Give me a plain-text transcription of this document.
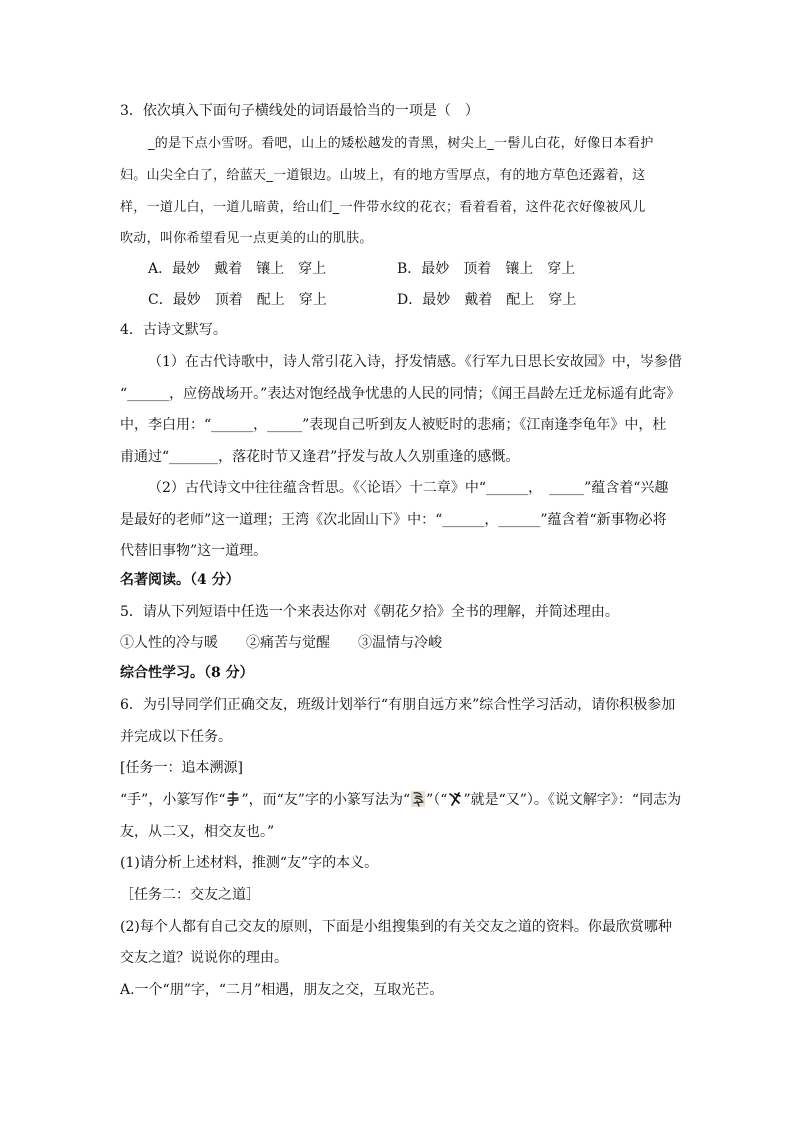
3．依次填入下面句子横线处的词语最恰当的一项是（　）
_的是下点小雪呀。看吧，山上的矮松越发的青黑，树尖上_一髻儿白花，好像日本看护
妇。山尖全白了，给蓝天_一道银边。山坡上，有的地方雪厚点，有的地方草色还露着，这
样，一道儿白，一道儿暗黄，给山们_一件带水纹的花衣；看着看着，这件花衣好像被风儿
吹动，叫你希望看见一点更美的山的肌肤。
A．最妙　戴着　镶上　穿上	B．最妙　顶着　镶上　穿上
C．最妙　顶着　配上　穿上	D．最妙　戴着　配上　穿上
4．古诗文默写。
（1）在古代诗歌中，诗人常引花入诗，抒发情感。《行军九日思长安故园》中，岑参借
“______，应傍战场开。”表达对饱经战争忧患的人民的同情；《闻王昌龄左迁龙标遥有此寄》
中，李白用：“______，_____”表现自己听到友人被贬时的悲痛；《江南逢李龟年》中，杜
甫通过“_______，落花时节又逢君”抒发与故人久别重逢的感慨。
（2）古代诗文中往往蕴含哲思。《〈论语〉十二章》中“______，　_____”蕴含着“兴趣
是最好的老师”这一道理；王湾《次北固山下》中：“______，______”蕴含着“新事物必将
代替旧事物”这一道理。
名著阅读。（4 分）
5．请从下列短语中任选一个来表达你对《朝花夕拾》全书的理解，并简述理由。
①人性的冷与暖　　②痛苦与觉醒　　③温情与冷峻
综合性学习。（8 分）
6．为引导同学们正确交友，班级计划举行“有朋自远方来”综合性学习活动，请你积极参加
并完成以下任务。
[任务一：追本溯源]
“手”，小篆写作“ ”，而“友”字的小篆写法为“ ”（“ ”就是“又”）。《说文解字》：“同志为
友，从二又，相交友也。”
(1)请分析上述材料，推测“友”字的本义。
［任务二：交友之道］
(2)每个人都有自己交友的原则，下面是小组搜集到的有关交友之道的资料。你最欣赏哪种
交友之道？说说你的理由。
A.一个“朋”字，“二月”相遇，朋友之交，互取光芒。
